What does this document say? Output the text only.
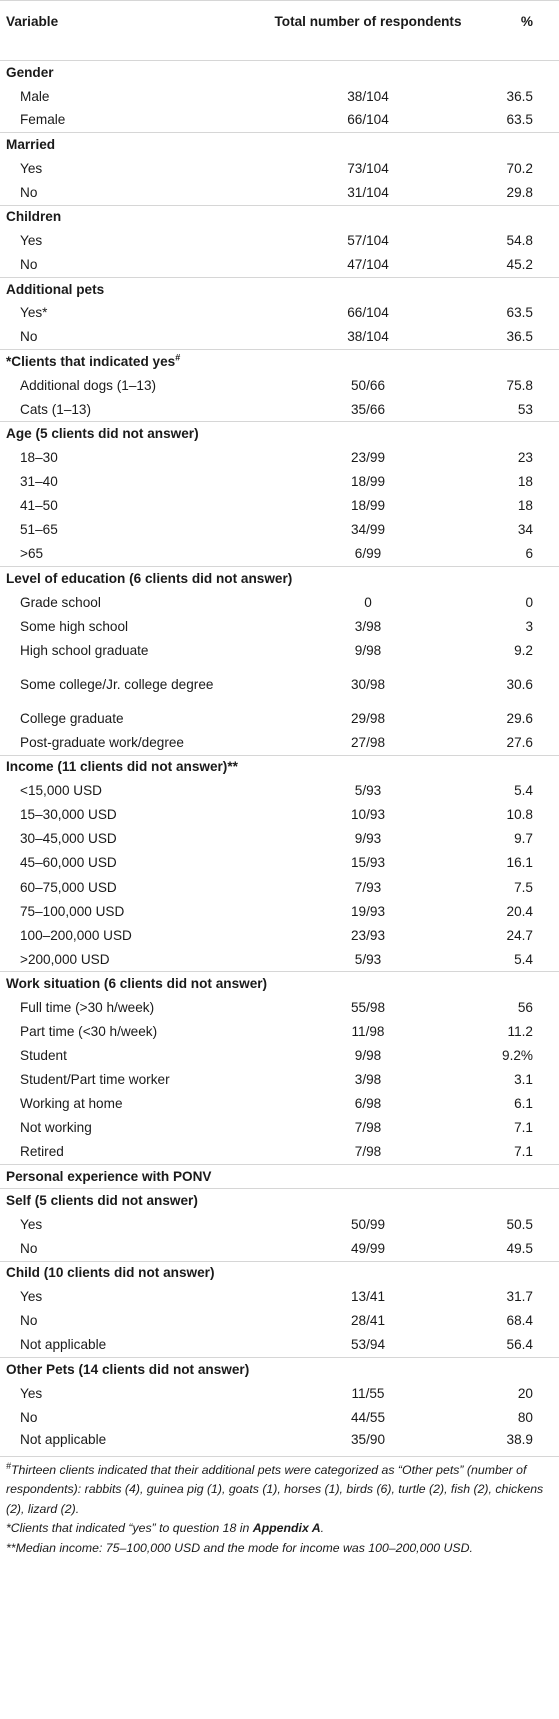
Variable	Total number of respondents	%
Gender		
Male	38/104	36.5
Female	66/104	63.5
Married		
Yes	73/104	70.2
No	31/104	29.8
Children		
Yes	57/104	54.8
No	47/104	45.2
Additional pets		
Yes*	66/104	63.5
No	38/104	36.5
*Clients that indicated yes#
Additional dogs (1–13)	50/66	75.8
Cats (1–13)	35/66	53
Age (5 clients did not answer)		
18–30	23/99	23
31–40	18/99	18
41–50	18/99	18
51–65	34/99	34
>65	6/99	6
Level of education (6 clients did not answer)		
Grade school	0	0
Some high school	3/98	3
High school graduate	9/98	9.2
Some college/Jr. college degree	30/98	30.6
College graduate	29/98	29.6
Post-graduate work/degree	27/98	27.6
Income (11 clients did not answer)**		
<15,000 USD	5/93	5.4
15–30,000 USD	10/93	10.8
30–45,000 USD	9/93	9.7
45–60,000 USD	15/93	16.1
60–75,000 USD	7/93	7.5
75–100,000 USD	19/93	20.4
100–200,000 USD	23/93	24.7
>200,000 USD	5/93	5.4
Work situation (6 clients did not answer)		
Full time (>30 h/week)	55/98	56
Part time (<30 h/week)	11/98	11.2
Student	9/98	9.2%
Student/Part time worker	3/98	3.1
Working at home	6/98	6.1
Not working	7/98	7.1
Retired	7/98	7.1
Personal experience with PONV		
Self (5 clients did not answer)		
Yes	50/99	50.5
No	49/99	49.5
Child (10 clients did not answer)		
Yes	13/41	31.7
No	28/41	68.4
Not applicable	53/94	56.4
Other Pets (14 clients did not answer)		
Yes	11/55	20
No	44/55	80
Not applicable	35/90	38.9

#Thirteen clients indicated that their additional pets were categorized as “Other pets” (number of respondents): rabbits (4), guinea pig (1), goats (1), horses (1), birds (6), turtle (2), fish (2), chickens (2), lizard (2).

*Clients that indicated “yes” to question 18 in Appendix A.

**Median income: 75–100,000 USD and the mode for income was 100–200,000 USD.
